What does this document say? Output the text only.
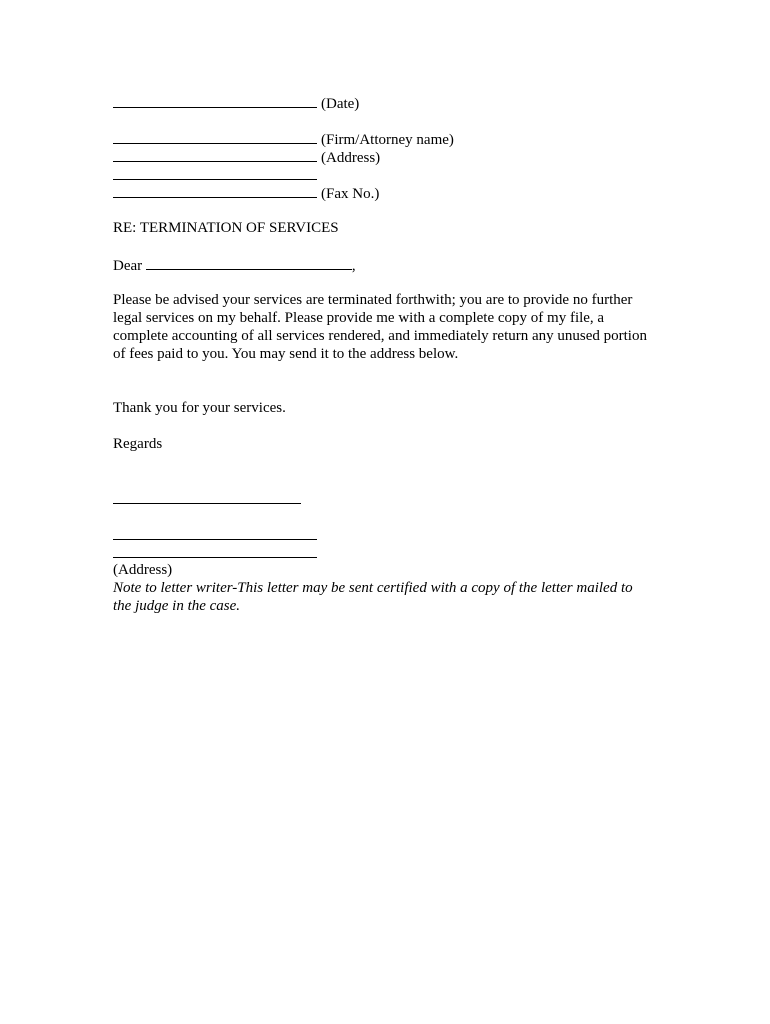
(Date)
(Firm/Attorney name)
(Address)
(Fax No.)
RE: TERMINATION OF SERVICES
Dear	,
Please be advised your services are terminated forthwith; you are to provide no further
legal services on my behalf. Please provide me with a complete copy of my file, a
complete accounting of all services rendered, and immediately return any unused portion
of fees paid to you. You may send it to the address below.
Thank you for your services.
Regards
(Address)
Note to letter writer-This letter may be sent certified with a copy of the letter mailed to
the judge in the case.
